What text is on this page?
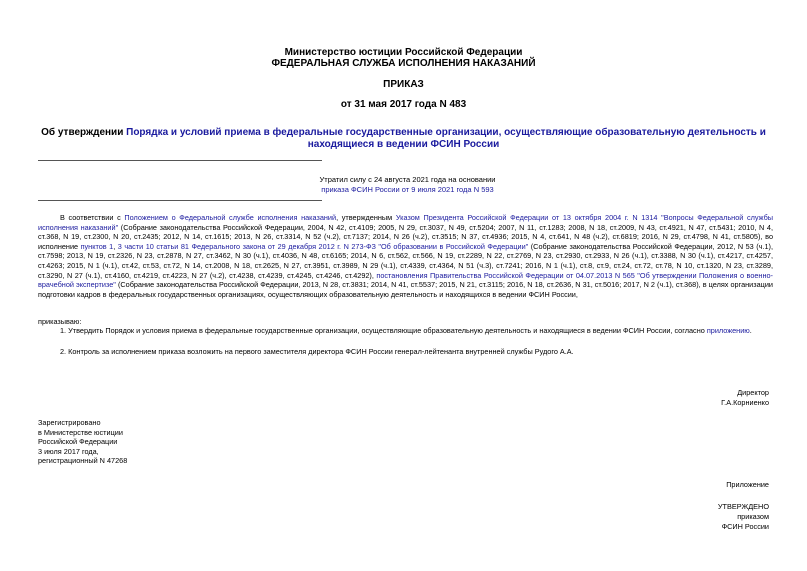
Министерство юстиции Российской Федерации
ФЕДЕРАЛЬНАЯ СЛУЖБА ИСПОЛНЕНИЯ НАКАЗАНИЙ
ПРИКАЗ
от 31 мая 2017 года N 483
Об утверждении Порядка и условий приема в федеральные государственные организации, осуществляющие образовательную деятельность и находящиеся в ведении ФСИН России
Утратил силу с 24 августа 2021 года на основании
приказа ФСИН России от 9 июля 2021 года N 593
В соответствии с Положением о Федеральной службе исполнения наказаний, утвержденным Указом Президента Российской Федерации от 13 октября 2004 г. N 1314 "Вопросы Федеральной службы исполнения наказаний" (Собрание законодательства Российской Федерации, 2004, N 42, ст.4109; 2005, N 29, ст.3037, N 49, ст.5204; 2007, N 11, ст.1283; 2008, N 18, ст.2009, N 43, ст.4921, N 47, ст.5431; 2010, N 4, ст.368, N 19, ст.2300, N 20, ст.2435; 2012, N 14, ст.1615; 2013, N 26, ст.3314, N 52 (ч.2), ст.7137; 2014, N 26 (ч.2), ст.3515; N 37, ст.4936; 2015, N 4, ст.641, N 48 (ч.2), ст.6819; 2016, N 29, ст.4798, N 41, ст.5805), во исполнение пунктов 1, 3 части 10 статьи 81 Федерального закона от 29 декабря 2012 г. N 273-ФЗ "Об образовании в Российской Федерации" (Собрание законодательства Российской Федерации, 2012, N 53 (ч.1), ст.7598; 2013, N 19, ст.2326, N 23, ст.2878, N 27, ст.3462, N 30 (ч.1), ст.4036, N 48, ст.6165; 2014, N 6, ст.562, ст.566, N 19, ст.2289, N 22, ст.2769, N 23, ст.2930, ст.2933, N 26 (ч.1), ст.3388, N 30 (ч.1), ст.4217, ст.4257, ст.4263; 2015, N 1 (ч.1), ст.42, ст.53, ст.72, N 14, ст.2008, N 18, ст.2625, N 27, ст.3951, ст.3989, N 29 (ч.1), ст.4339, ст.4364, N 51 (ч.3), ст.7241; 2016, N 1 (ч.1), ст.8, ст.9, ст.24, ст.72, ст.78, N 10, ст.1320, N 23, ст.3289, ст.3290, N 27 (ч.1), ст.4160, ст.4219, ст.4223, N 27 (ч.2), ст.4238, ст.4239, ст.4245, ст.4246, ст.4292), постановления Правительства Российской Федерации от 04.07.2013 N 565 "Об утверждении Положения о военно-врачебной экспертизе" (Собрание законодательства Российской Федерации, 2013, N 28, ст.3831; 2014, N 41, ст.5537; 2015, N 21, ст.3115; 2016, N 18, ст.2636, N 31, ст.5016; 2017, N 2 (ч.1), ст.368), в целях организации подготовки кадров в федеральных государственных организациях, осуществляющих образовательную деятельность и находящихся в ведении ФСИН России,
приказываю:
1. Утвердить Порядок и условия приема в федеральные государственные организации, осуществляющие образовательную деятельность и находящиеся в ведении ФСИН России, согласно приложению.
2. Контроль за исполнением приказа возложить на первого заместителя директора ФСИН России генерал-лейтенанта внутренней службы Рудого А.А.
Директор
Г.А.Корниенко
Зарегистрировано
в Министерстве юстиции
Российской Федерации
3 июля 2017 года,
регистрационный N 47268
Приложение
УТВЕРЖДЕНО
приказом
ФСИН России
